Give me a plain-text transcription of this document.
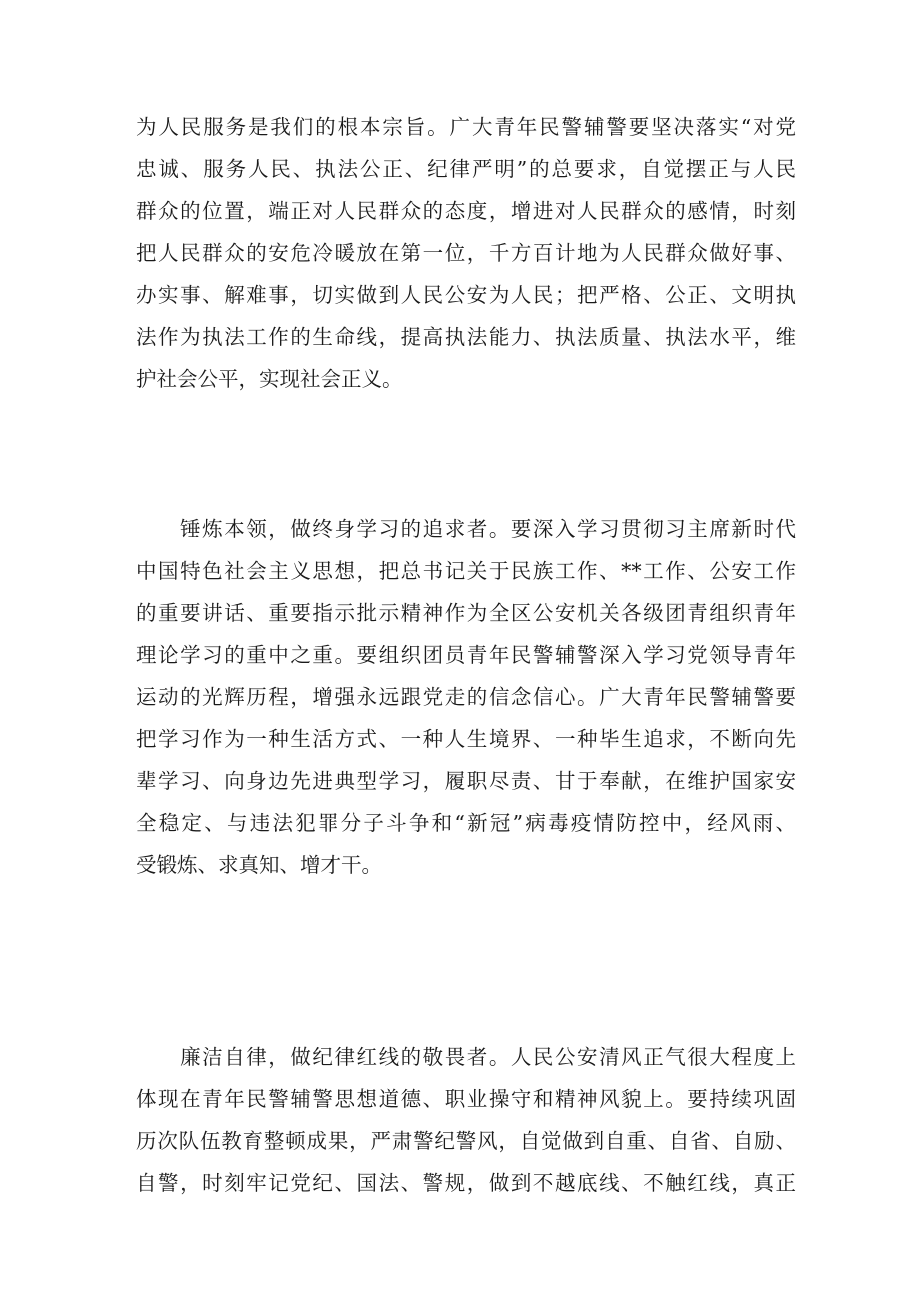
为人民服务是我们的根本宗旨。广大青年民警辅警要坚决落实“对党
忠诚、服务人民、执法公正、纪律严明”的总要求，自觉摆正与人民
群众的位置，端正对人民群众的态度，增进对人民群众的感情，时刻
把人民群众的安危冷暖放在第一位，千方百计地为人民群众做好事、
办实事、解难事，切实做到人民公安为人民；把严格、公正、文明执
法作为执法工作的生命线，提高执法能力、执法质量、执法水平，维
护社会公平，实现社会正义。
　　锤炼本领，做终身学习的追求者。要深入学习贯彻习主席新时代
中国特色社会主义思想，把总书记关于民族工作、**工作、公安工作
的重要讲话、重要指示批示精神作为全区公安机关各级团青组织青年
理论学习的重中之重。要组织团员青年民警辅警深入学习党领导青年
运动的光辉历程，增强永远跟党走的信念信心。广大青年民警辅警要
把学习作为一种生活方式、一种人生境界、一种毕生追求，不断向先
辈学习、向身边先进典型学习，履职尽责、甘于奉献，在维护国家安
全稳定、与违法犯罪分子斗争和“新冠”病毒疫情防控中，经风雨、
受锻炼、求真知、增才干。
　　廉洁自律，做纪律红线的敬畏者。人民公安清风正气很大程度上
体现在青年民警辅警思想道德、职业操守和精神风貌上。要持续巩固
历次队伍教育整顿成果，严肃警纪警风，自觉做到自重、自省、自励、
自警，时刻牢记党纪、国法、警规，做到不越底线、不触红线，真正
